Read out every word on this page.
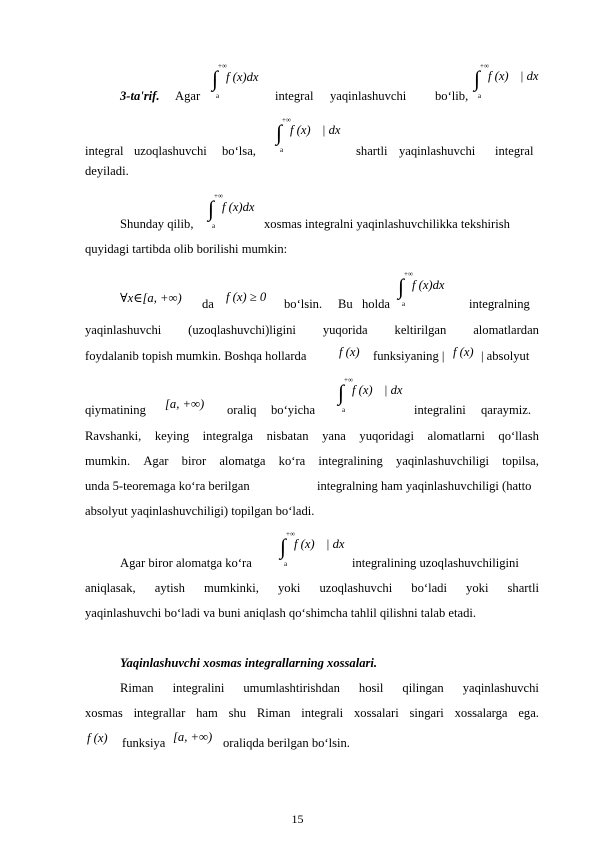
3-ta'rif. Agar	integral yaqinlashuvchi bo‘lib,
+∞
∫
a
f (x)dx
+∞
∫
a
f (x) | dx
integral uzoqlashuvchi bo‘lsa,	shartli yaqinlashuvchi integral
+∞
∫
a
f (x) | dx
deyiladi.
Shunday qilib,	xosmas integralni yaqinlashuvchilikka tekshirish
+∞
∫
a
f (x)dx
quyidagi tartibda olib borilishi mumkin:
∀x∈[a, +∞)	f (x) ≥ 0
da	bo‘lsin. Bu holda	integralning
+∞
∫
a
f (x)dx
yaqinlashuvchi (uzoqlashuvchi)ligini yuqorida keltirilgan alomatlardan
foydalanib topish mumkin. Boshqa hollarda	f (x) funksiyaning | f (x) | absolyut
qiymatining [a, +∞) oraliq bo‘yicha	integralini qaraymiz.
+∞
∫
a
f (x) | dx
Ravshanki, keying integralga nisbatan yana yuqoridagi alomatlarni qo‘llash
mumkin. Agar biror alomatga ko‘ra integralining yaqinlashuvchiligi topilsa,
unda 5-teoremaga ko‘ra berilgan	integralning ham yaqinlashuvchiligi (hatto
absolyut yaqinlashuvchiligi) topilgan bo‘ladi.
Agar biror alomatga ko‘ra	integralining uzoqlashuvchiligini
+∞
∫
a
f (x) | dx
aniqlasak, aytish mumkinki, yoki uzoqlashuvchi bo‘ladi yoki shartli
yaqinlashuvchi bo‘ladi va buni aniqlash qo‘shimcha tahlil qilishni talab etadi.
Yaqinlashuvchi xosmas integrallarning xossalari.
Riman integralini umumlashtirishdan hosil qilingan yaqinlashuvchi
xosmas integrallar ham shu Riman integrali xossalari singari xossalarga ega.
f (x) funksiya [a, +∞) oraliqda berilgan bo‘lsin.
15
